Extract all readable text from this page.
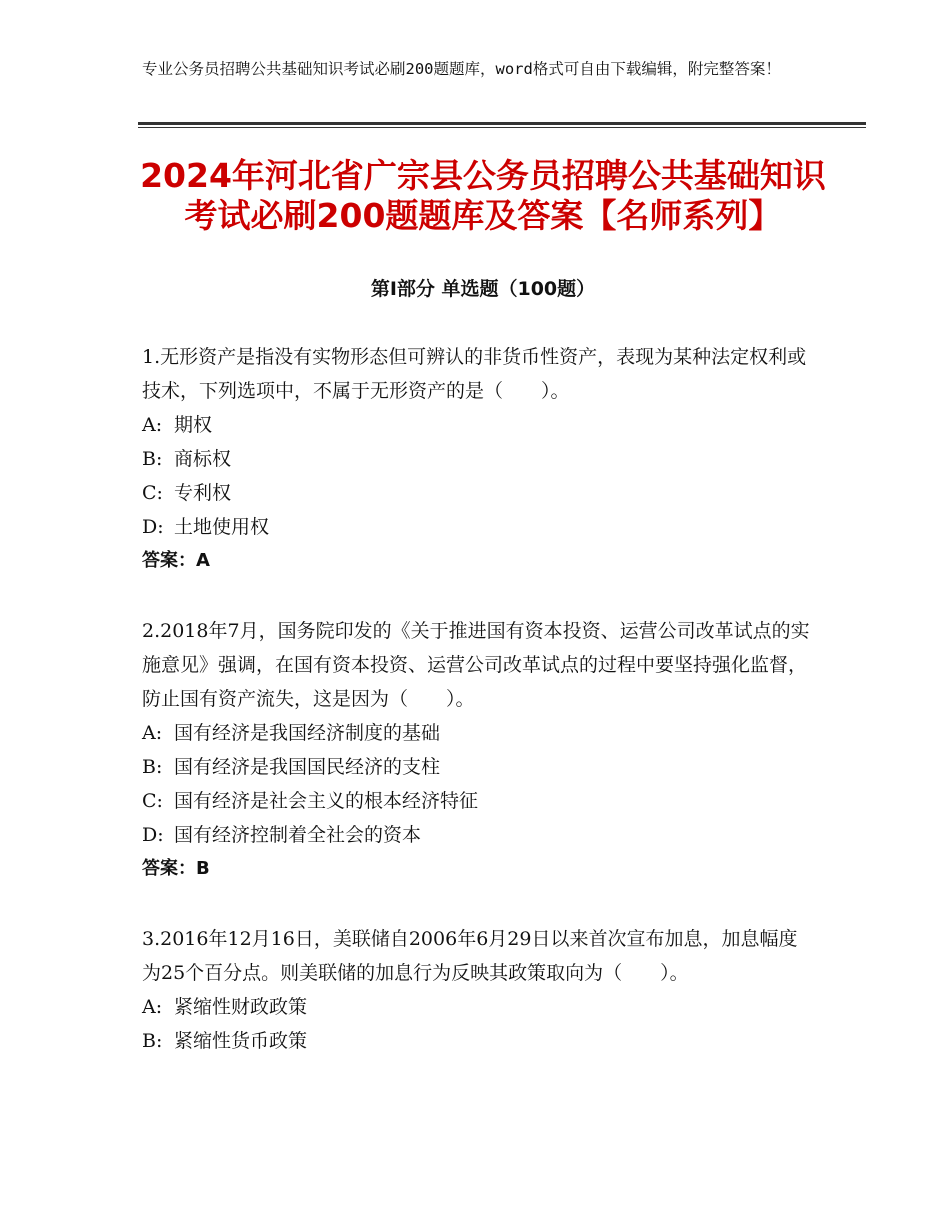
专业公务员招聘公共基础知识考试必刷200题题库，word格式可自由下载编辑，附完整答案！
2024年河北省广宗县公务员招聘公共基础知识考试必刷200题题库及答案【名师系列】
第Ⅰ部分 单选题（100题）

1.无形资产是指没有实物形态但可辨认的非货币性资产，表现为某种法定权利或技术，下列选项中，不属于无形资产的是（　　）。

A: 期权

B: 商标权

C: 专利权

D: 土地使用权

答案：A

2.2018年7月，国务院印发的《关于推进国有资本投资、运营公司改革试点的实施意见》强调，在国有资本投资、运营公司改革试点的过程中要坚持强化监督，防止国有资产流失，这是因为（　　）。

A: 国有经济是我国经济制度的基础

B: 国有经济是我国国民经济的支柱

C: 国有经济是社会主义的根本经济特征

D: 国有经济控制着全社会的资本

答案：B

3.2016年12月16日，美联储自2006年6月29日以来首次宣布加息，加息幅度为25个百分点。则美联储的加息行为反映其政策取向为（　　）。

A: 紧缩性财政政策

B: 紧缩性货币政策
